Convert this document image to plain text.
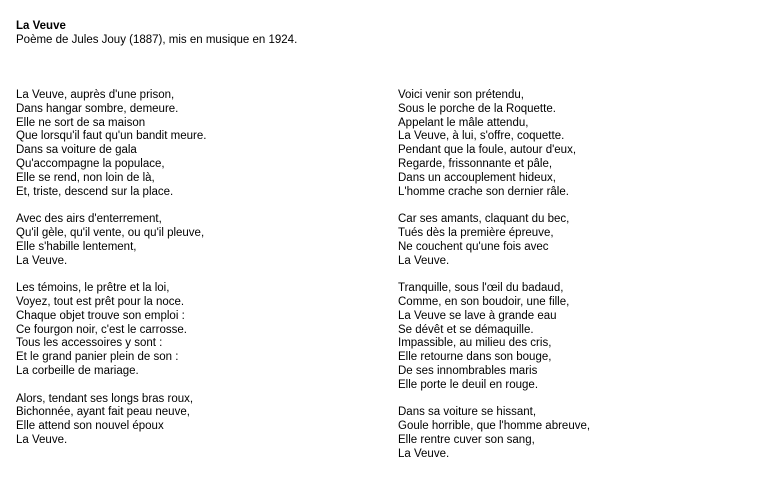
La Veuve
Poème de Jules Jouy (1887), mis en musique en 1924.
La Veuve, auprès d'une prison,
Dans hangar sombre, demeure.
Elle ne sort de sa maison
Que lorsqu'il faut qu'un bandit meure.
Dans sa voiture de gala
Qu'accompagne la populace,
Elle se rend, non loin de là,
Et, triste, descend sur la place.
Avec des airs d'enterrement,
Qu'il gèle, qu'il vente, ou qu'il pleuve,
Elle s'habille lentement,
La Veuve.
Les témoins, le prêtre et la loi,
Voyez, tout est prêt pour la noce.
Chaque objet trouve son emploi :
Ce fourgon noir, c'est le carrosse.
Tous les accessoires y sont :
Et le grand panier plein de son :
La corbeille de mariage.
Alors, tendant ses longs bras roux,
Bichonnée, ayant fait peau neuve,
Elle attend son nouvel époux
La Veuve.
Voici venir son prétendu,
Sous le porche de la Roquette.
Appelant le mâle attendu,
La Veuve, à lui, s'offre, coquette.
Pendant que la foule, autour d'eux,
Regarde, frissonnante et pâle,
Dans un accouplement hideux,
L'homme crache son dernier râle.
Car ses amants, claquant du bec,
Tués dès la première épreuve,
Ne couchent qu'une fois avec
La Veuve.
Tranquille, sous l'œil du badaud,
Comme, en son boudoir, une fille,
La Veuve se lave à grande eau
Se dévêt et se démaquille.
Impassible, au milieu des cris,
Elle retourne dans son bouge,
De ses innombrables maris
Elle porte le deuil en rouge.
Dans sa voiture se hissant,
Goule horrible, que l'homme abreuve,
Elle rentre cuver son sang,
La Veuve.
